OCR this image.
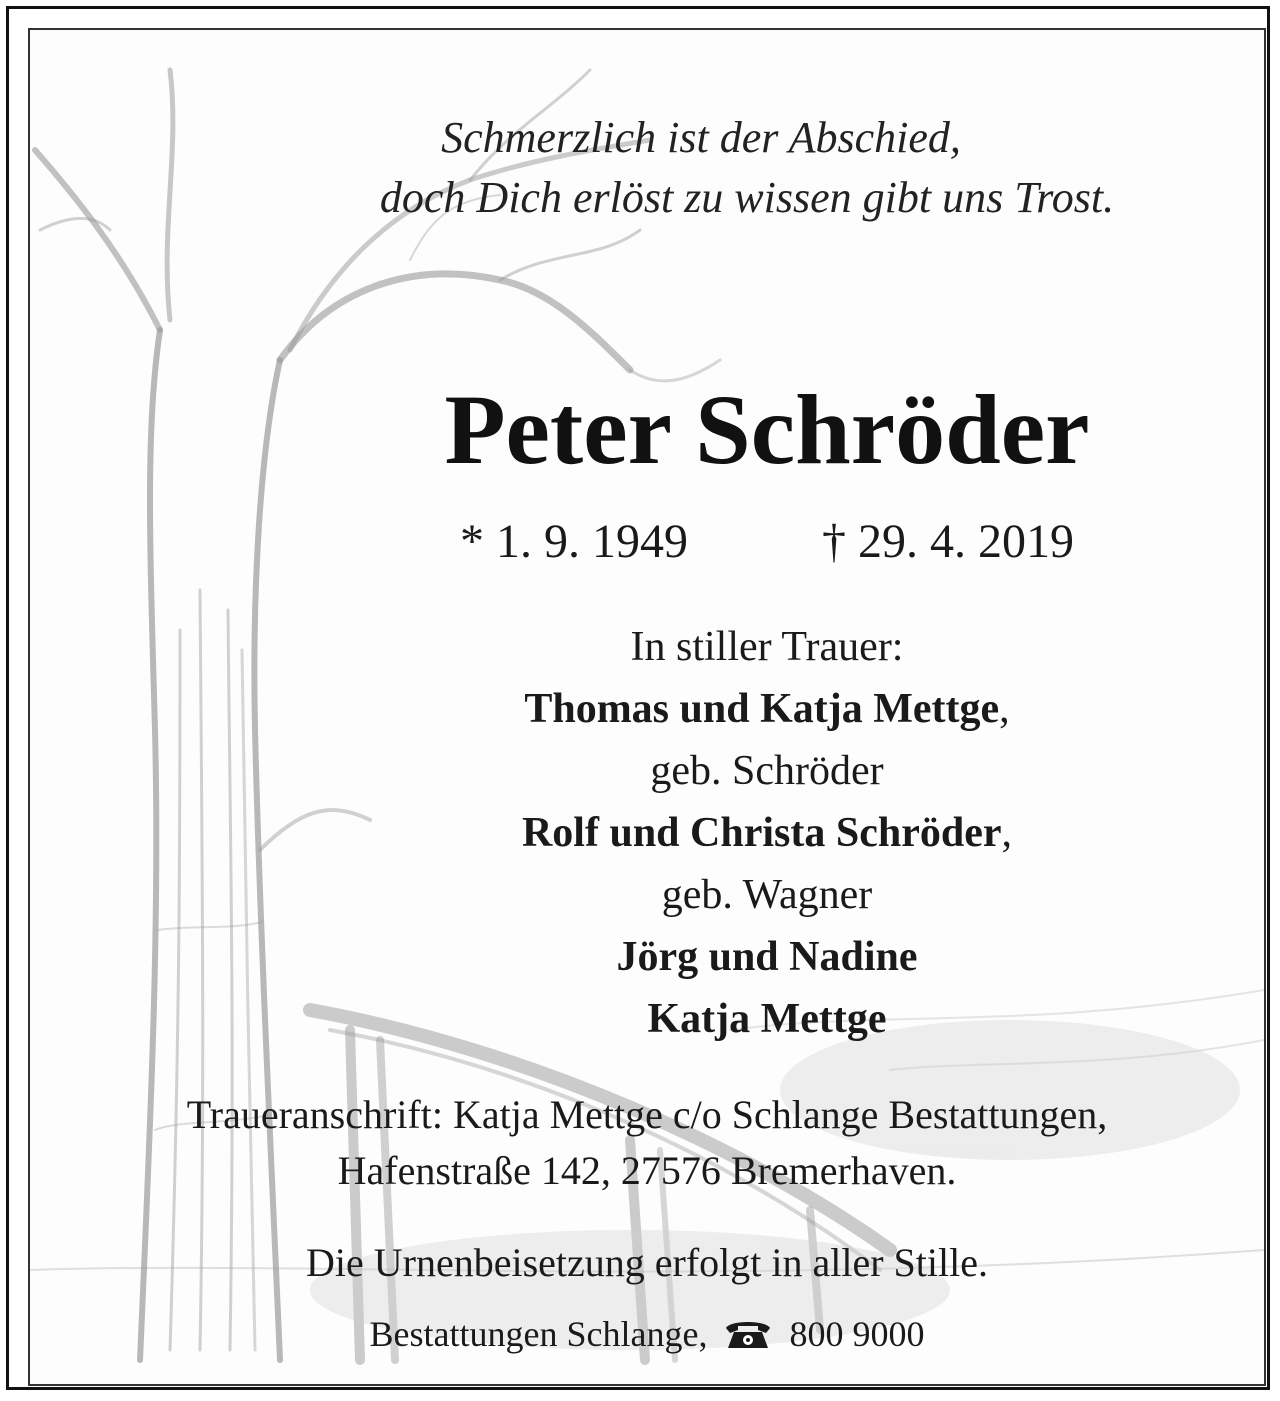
Schmerzlich ist der Abschied,
doch Dich erlöst zu wissen gibt uns Trost.
Peter Schröder
* 1. 9. 1949	† 29. 4. 2019
In stiller Trauer:
Thomas und Katja Mettge,
geb. Schröder
Rolf und Christa Schröder,
geb. Wagner
Jörg und Nadine
Katja Mettge
Traueranschrift: Katja Mettge c/o Schlange Bestattungen,
Hafenstraße 142, 27576 Bremerhaven.
Die Urnenbeisetzung erfolgt in aller Stille.
Bestattungen Schlange, 800 9000
